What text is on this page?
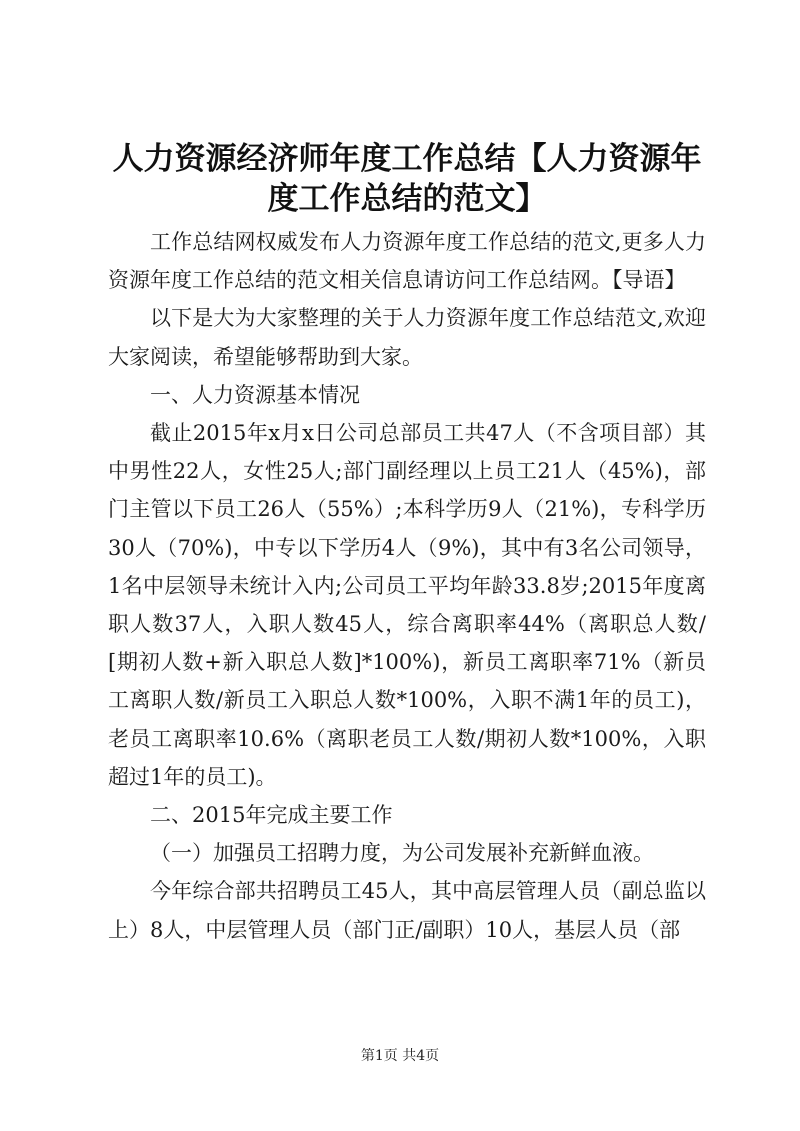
人力资源经济师年度工作总结【人力资源年度工作总结的范文】

工作总结网权威发布人力资源年度工作总结的范文,更多人力资源年度工作总结的范文相关信息请访问工作总结网。【导语】

以下是大为大家整理的关于人力资源年度工作总结范文,欢迎大家阅读，希望能够帮助到大家。

一、人力资源基本情况

截止2015年x月x日公司总部员工共47人（不含项目部）其中男性22人，女性25人;部门副经理以上员工21人（45%)，部门主管以下员工26人（55%）;本科学历9人（21%)，专科学历30人（70%)，中专以下学历4人（9%)，其中有3名公司领导，1名中层领导未统计入内;公司员工平均年龄33.8岁;2015年度离职人数37人，入职人数45人，综合离职率44%（离职总人数/[期初人数+新入职总人数]*100%)，新员工离职率71%（新员工离职人数/新员工入职总人数*100%，入职不满1年的员工)，老员工离职率10.6%（离职老员工人数/期初人数*100%，入职超过1年的员工)。

二、2015年完成主要工作

（一）加强员工招聘力度，为公司发展补充新鲜血液。

今年综合部共招聘员工45人，其中高层管理人员（副总监以上）8人，中层管理人员（部门正/副职）10人，基层人员（部

第1页 共4页
